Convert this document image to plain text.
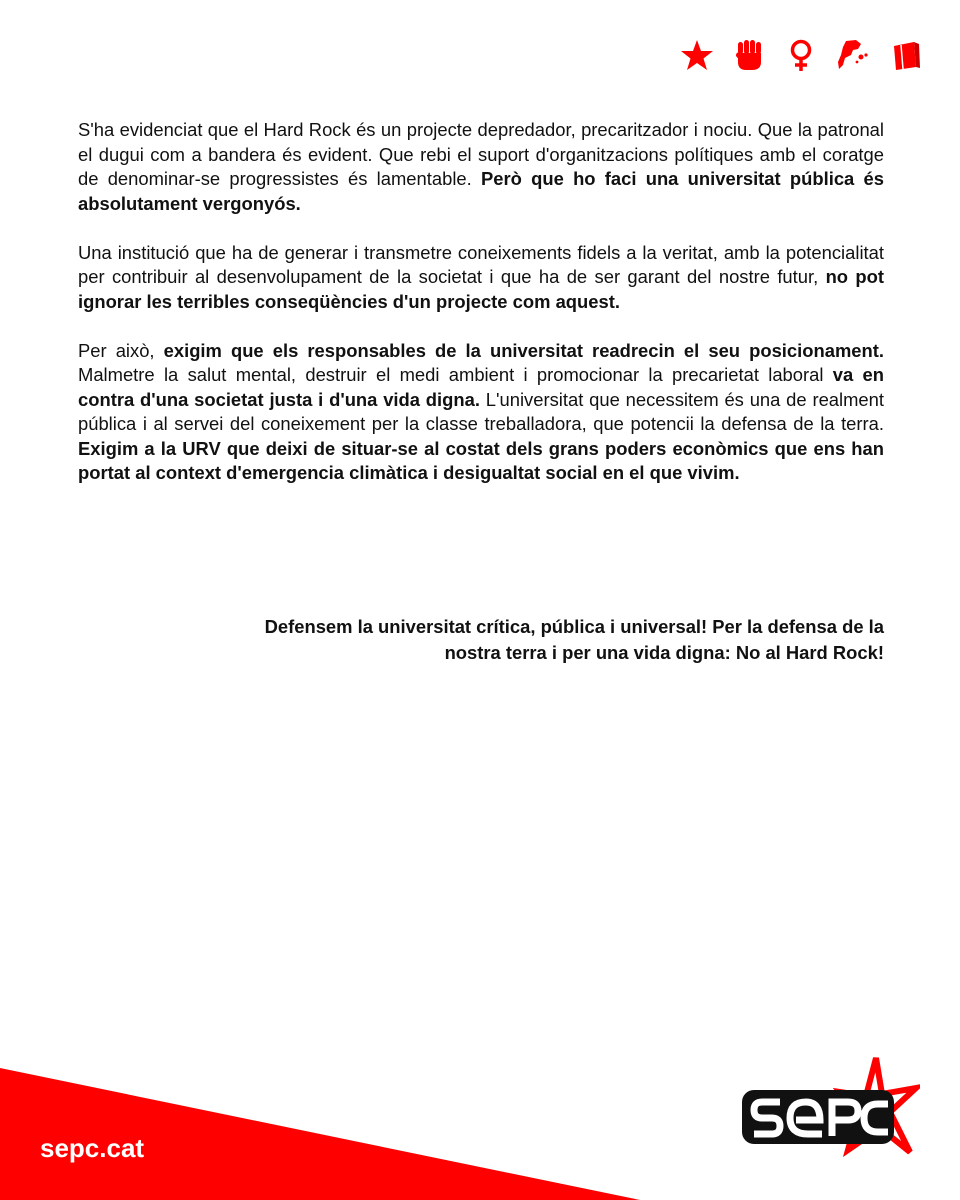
S'ha evidenciat que el Hard Rock és un projecte depredador, precaritzador i nociu. Que la patronal el dugui com a bandera és evident. Que rebi el suport d'organitzacions polítiques amb el coratge de denominar-se progressistes és lamentable. Però que ho faci una universitat pública és absolutament vergonyós.

Una institució que ha de generar i transmetre coneixements fidels a la veritat, amb la potencialitat per contribuir al desenvolupament de la societat i que ha de ser garant del nostre futur, no pot ignorar les terribles conseqüències d'un projecte com aquest.

Per això, exigim que els responsables de la universitat readrecin el seu posicionament. Malmetre la salut mental, destruir el medi ambient i promocionar la precarietat laboral va en contra d'una societat justa i d'una vida digna. L'universitat que necessitem és una de realment pública i al servei del coneixement per la classe treballadora, que potencii la defensa de la terra. Exigim a la URV que deixi de situar-se al costat dels grans poders econòmics que ens han portat al context d'emergencia climàtica i desigualtat social en el que vivim.

Defensem la universitat crítica, pública i universal! Per la defensa de la
nostra terra i per una vida digna: No al Hard Rock!
sepc.cat
